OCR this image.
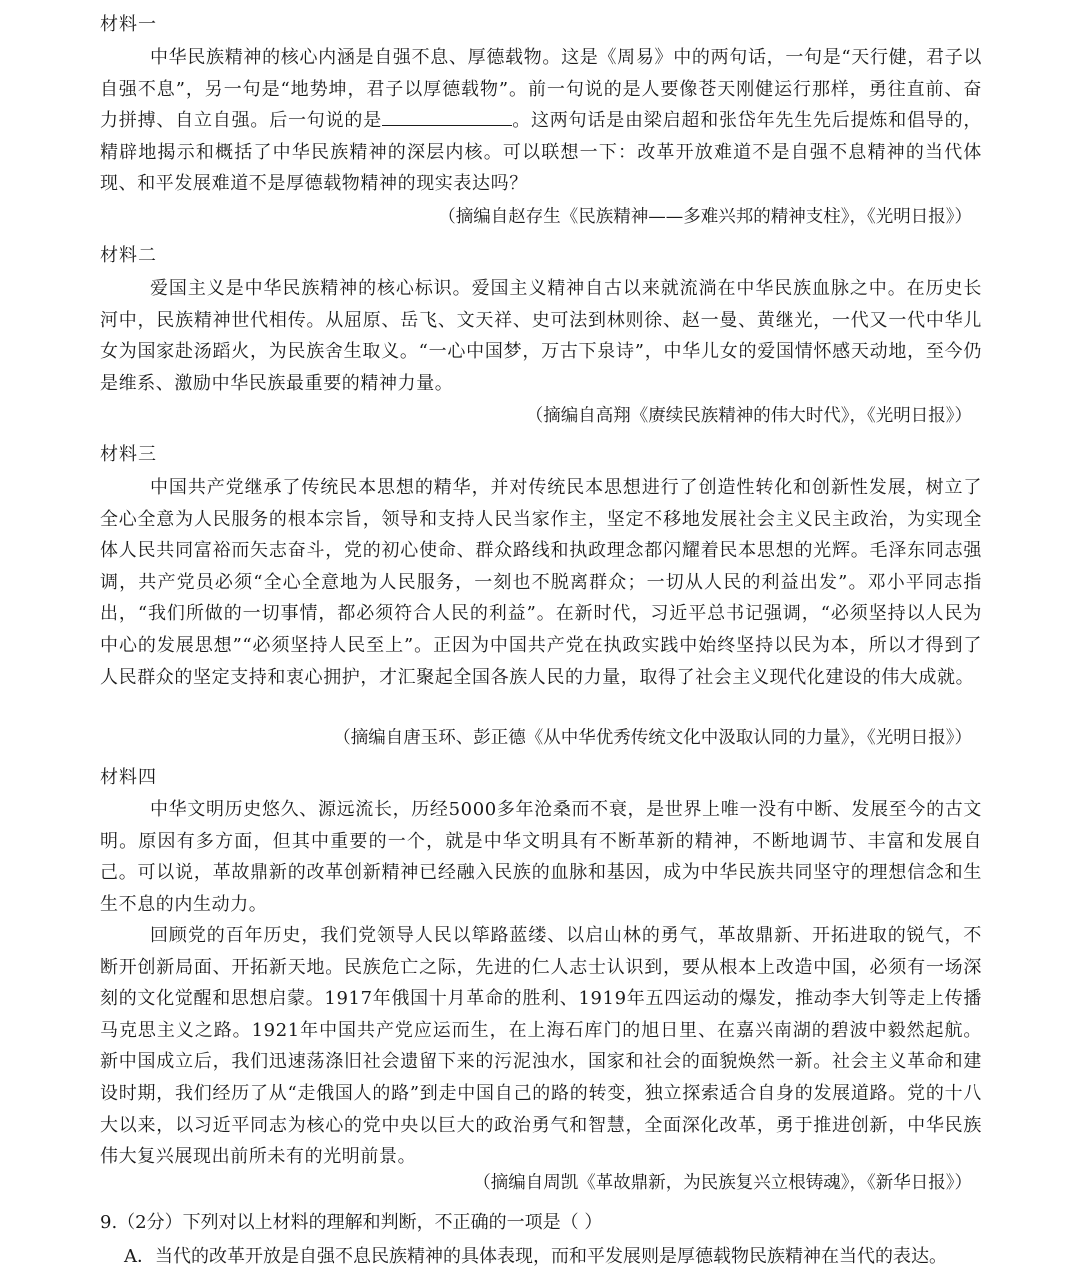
材料一

中华民族精神的核心内涵是自强不息、厚德载物。这是《周易》中的两句话，一句是“天行健，君子以自强不息”，另一句是“地势坤，君子以厚德载物”。前一句说的是人要像苍天刚健运行那样，勇往直前、奋力拼搏、自立自强。后一句说的是	。这两句话是由梁启超和张岱年先生先后提炼和倡导的，精辟地揭示和概括了中华民族精神的深层内核。可以联想一下：改革开放难道不是自强不息精神的当代体现、和平发展难道不是厚德载物精神的现实表达吗？

（摘编自赵存生《民族精神——多难兴邦的精神支柱》，《光明日报》）
材料二

爱国主义是中华民族精神的核心标识。爱国主义精神自古以来就流淌在中华民族血脉之中。在历史长河中，民族精神世代相传。从屈原、岳飞、文天祥、史可法到林则徐、赵一曼、黄继光，一代又一代中华儿女为国家赴汤蹈火，为民族舍生取义。“一心中国梦，万古下泉诗”，中华儿女的爱国情怀感天动地，至今仍是维系、激励中华民族最重要的精神力量。

（摘编自高翔《赓续民族精神的伟大时代》，《光明日报》）
材料三

中国共产党继承了传统民本思想的精华，并对传统民本思想进行了创造性转化和创新性发展，树立了全心全意为人民服务的根本宗旨，领导和支持人民当家作主，坚定不移地发展社会主义民主政治，为实现全体人民共同富裕而矢志奋斗，党的初心使命、群众路线和执政理念都闪耀着民本思想的光辉。毛泽东同志强调，共产党员必须“全心全意地为人民服务，一刻也不脱离群众；一切从人民的利益出发”。邓小平同志指出，“我们所做的一切事情，都必须符合人民的利益”。在新时代，习近平总书记强调，“必须坚持以人民为中心的发展思想”“必须坚持人民至上”。正因为中国共产党在执政实践中始终坚持以民为本，所以才得到了人民群众的坚定支持和衷心拥护，才汇聚起全国各族人民的力量，取得了社会主义现代化建设的伟大成就。

（摘编自唐玉环、彭正德《从中华优秀传统文化中汲取认同的力量》，《光明日报》）
材料四

中华文明历史悠久、源远流长，历经5000多年沧桑而不衰，是世界上唯一没有中断、发展至今的古文明。原因有多方面，但其中重要的一个，就是中华文明具有不断革新的精神，不断地调节、丰富和发展自己。可以说，革故鼎新的改革创新精神已经融入民族的血脉和基因，成为中华民族共同坚守的理想信念和生生不息的内生动力。

回顾党的百年历史，我们党领导人民以筚路蓝缕、以启山林的勇气，革故鼎新、开拓进取的锐气，不断开创新局面、开拓新天地。民族危亡之际，先进的仁人志士认识到，要从根本上改造中国，必须有一场深刻的文化觉醒和思想启蒙。1917年俄国十月革命的胜利、1919年五四运动的爆发，推动李大钊等走上传播马克思主义之路。1921年中国共产党应运而生，在上海石库门的旭日里、在嘉兴南湖的碧波中毅然起航。新中国成立后，我们迅速荡涤旧社会遗留下来的污泥浊水，国家和社会的面貌焕然一新。社会主义革命和建设时期，我们经历了从“走俄国人的路”到走中国自己的路的转变，独立探索适合自身的发展道路。党的十八大以来，以习近平同志为核心的党中央以巨大的政治勇气和智慧，全面深化改革，勇于推进创新，中华民族伟大复兴展现出前所未有的光明前景。

（摘编自周凯《革故鼎新，为民族复兴立根铸魂》，《新华日报》）
9.（2分）下列对以上材料的理解和判断，不正确的一项是（ ）
A．当代的改革开放是自强不息民族精神的具体表现，而和平发展则是厚德载物民族精神在当代的表达。
